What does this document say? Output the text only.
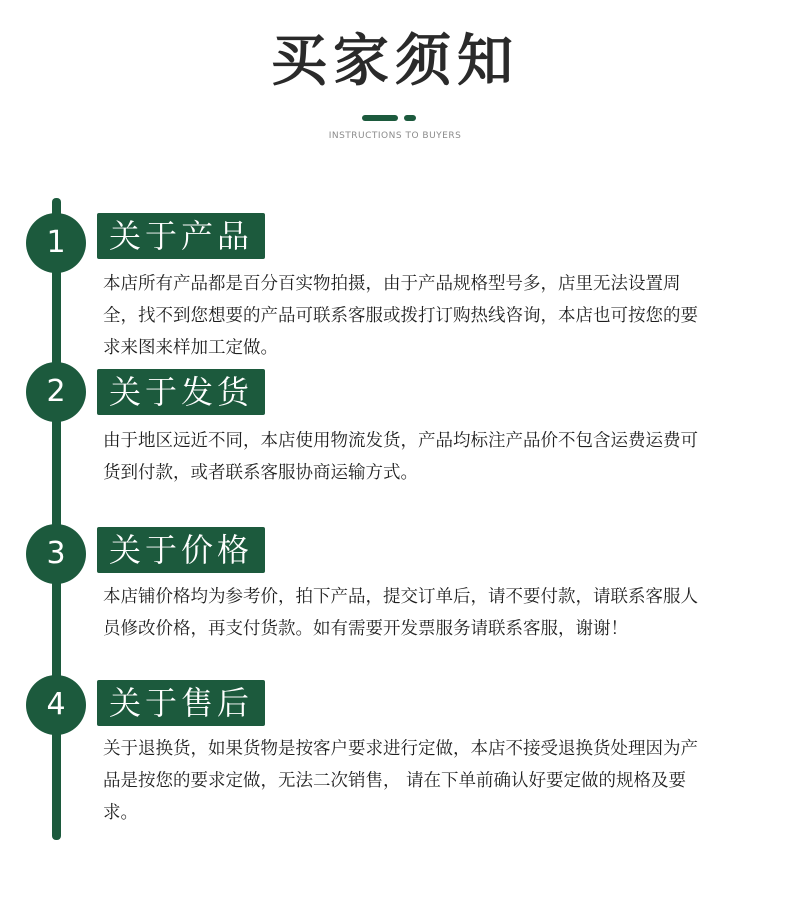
买家须知
INSTRUCTIONS TO BUYERS
1	关于产品
本店所有产品都是百分百实物拍摄，由于产品规格型号多，店里无法设置周全，找不到您想要的产品可联系客服或拨打订购热线咨询，本店也可按您的要求来图来样加工定做。
2	关于发货
由于地区远近不同，本店使用物流发货，产品均标注产品价不包含运费运费可货到付款，或者联系客服协商运输方式。
3	关于价格
本店铺价格均为参考价，拍下产品，提交订单后，请不要付款，请联系客服人员修改价格，再支付货款。如有需要开发票服务请联系客服，谢谢！
4	关于售后
关于退换货，如果货物是按客户要求进行定做，本店不接受退换货处理因为产品是按您的要求定做，无法二次销售， 请在下单前确认好要定做的规格及要求。
